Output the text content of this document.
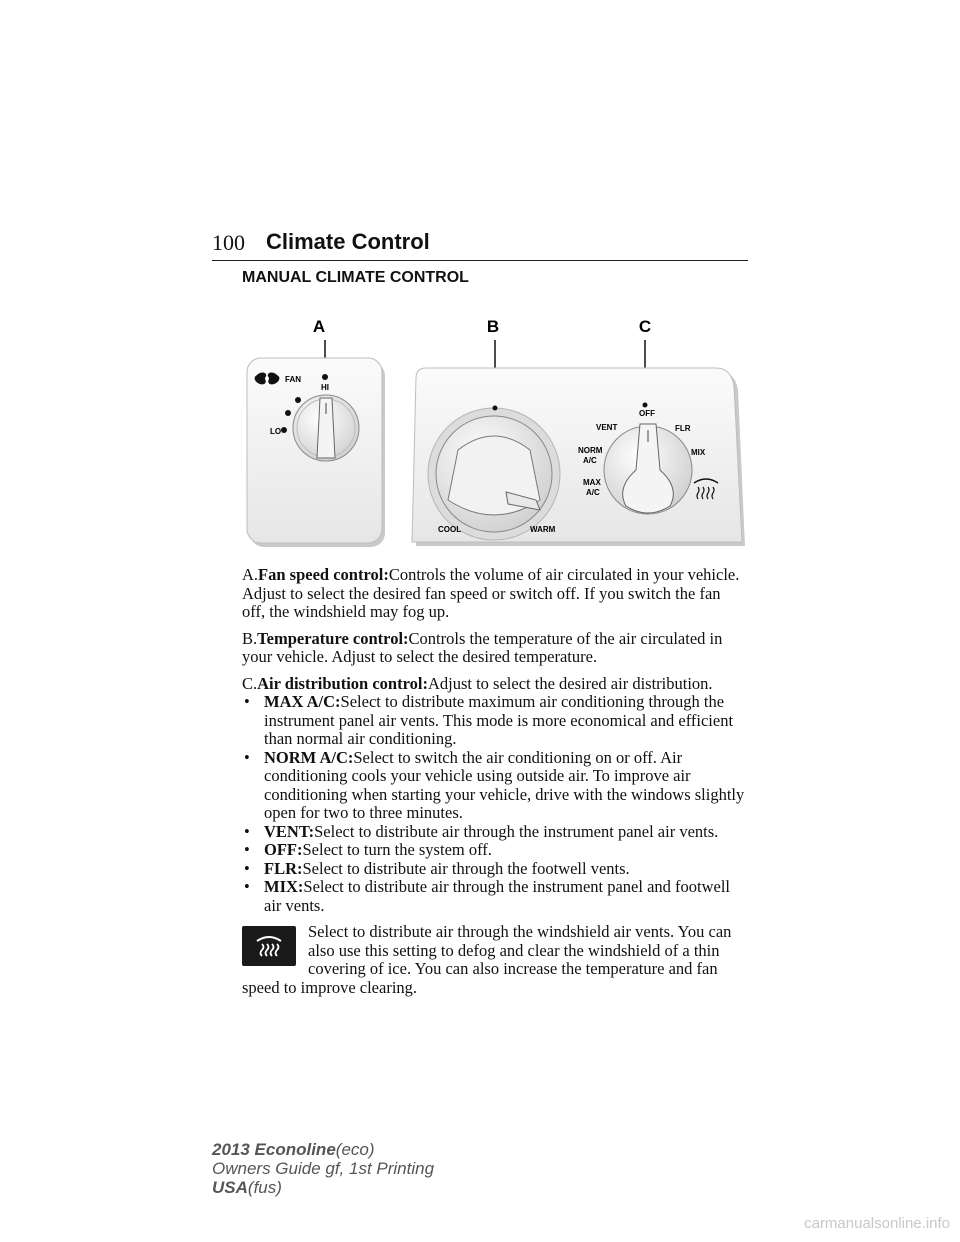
100 Climate Control
MANUAL CLIMATE CONTROL
A	B	C
FAN
HI
LO
COOL	WARM
OFF
VENT	FLR
MIX
NORM
A/C
MAX
A/C

A.Fan speed control:Controls the volume of air circulated in your vehicle. Adjust to select the desired fan speed or switch off. If you switch the fan off, the windshield may fog up.

B.Temperature control:Controls the temperature of the air circulated in your vehicle. Adjust to select the desired temperature.

C.Air distribution control:Adjust to select the desired air distribution.

• MAX A/C:Select to distribute maximum air conditioning through the instrument panel air vents. This mode is more economical and efficient than normal air conditioning.
• NORM A/C:Select to switch the air conditioning on or off. Air conditioning cools your vehicle using outside air. To improve air conditioning when starting your vehicle, drive with the windows slightly open for two to three minutes.
• VENT:Select to distribute air through the instrument panel air vents.
• OFF:Select to turn the system off.
• FLR:Select to distribute air through the footwell vents.
• MIX:Select to distribute air through the instrument panel and footwell air vents.

Select to distribute air through the windshield air vents. You can also use this setting to defog and clear the windshield of a thin covering of ice. You can also increase the temperature and fan speed to improve clearing.

2013 Econoline(eco)
Owners Guide gf, 1st Printing
USA(fus)
carmanualsonline.info
